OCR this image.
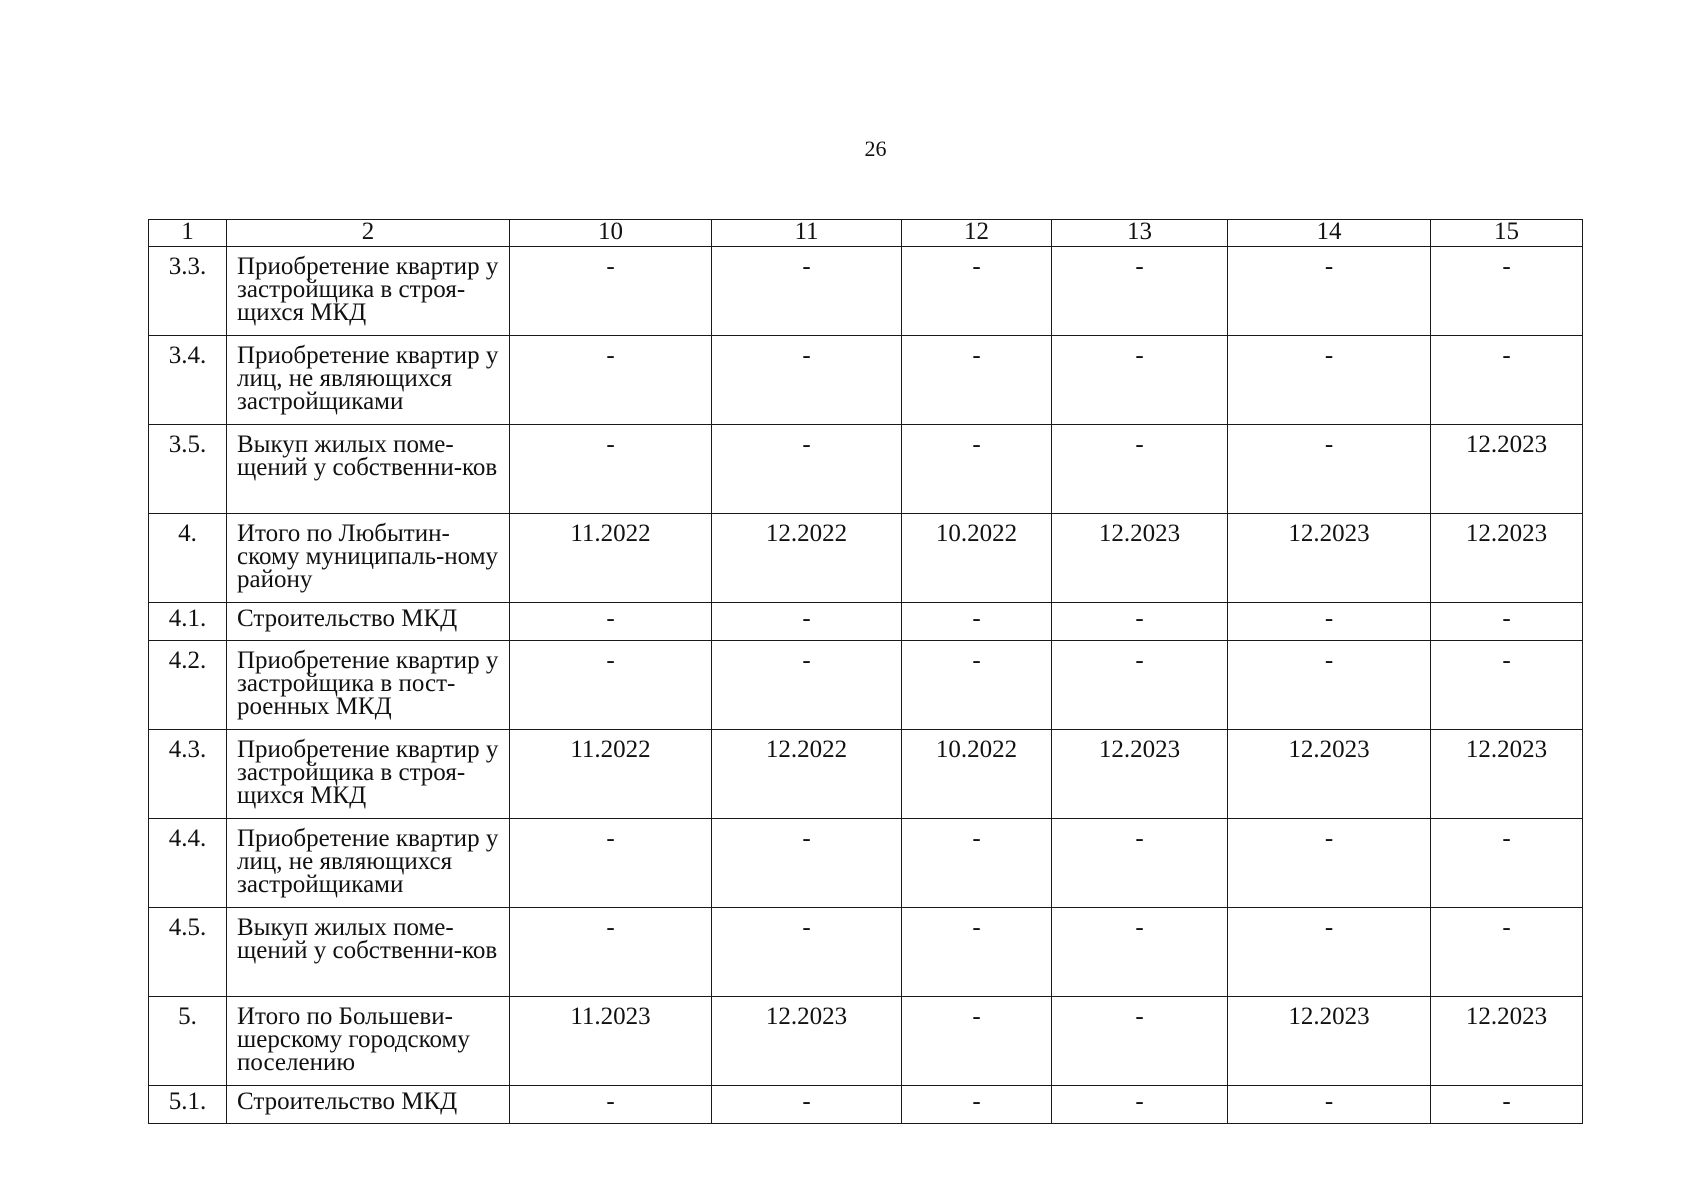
26
1	2	10	11	12	13	14	15
3.3.	Приобретение квартир у застройщика в строя-щихся МКД	-	-	-	-	-	-
3.4.	Приобретение квартир у лиц, не являющихся застройщиками	-	-	-	-	-	-
3.5.	Выкуп жилых поме-щений у собственни-ков	-	-	-	-	-	12.2023
4.	Итого по Любытин-скому муниципаль-ному району	11.2022	12.2022	10.2022	12.2023	12.2023	12.2023
4.1.	Строительство МКД	-	-	-	-	-	-
4.2.	Приобретение квартир у застройщика в пост-роенных МКД	-	-	-	-	-	-
4.3.	Приобретение квартир у застройщика в строя-щихся МКД	11.2022	12.2022	10.2022	12.2023	12.2023	12.2023
4.4.	Приобретение квартир у лиц, не являющихся застройщиками	-	-	-	-	-	-
4.5.	Выкуп жилых поме-щений у собственни-ков	-	-	-	-	-	-
5.	Итого по Большеви-шерскому городскому поселению	11.2023	12.2023	-	-	12.2023	12.2023
5.1.	Строительство МКД	-	-	-	-	-	-
